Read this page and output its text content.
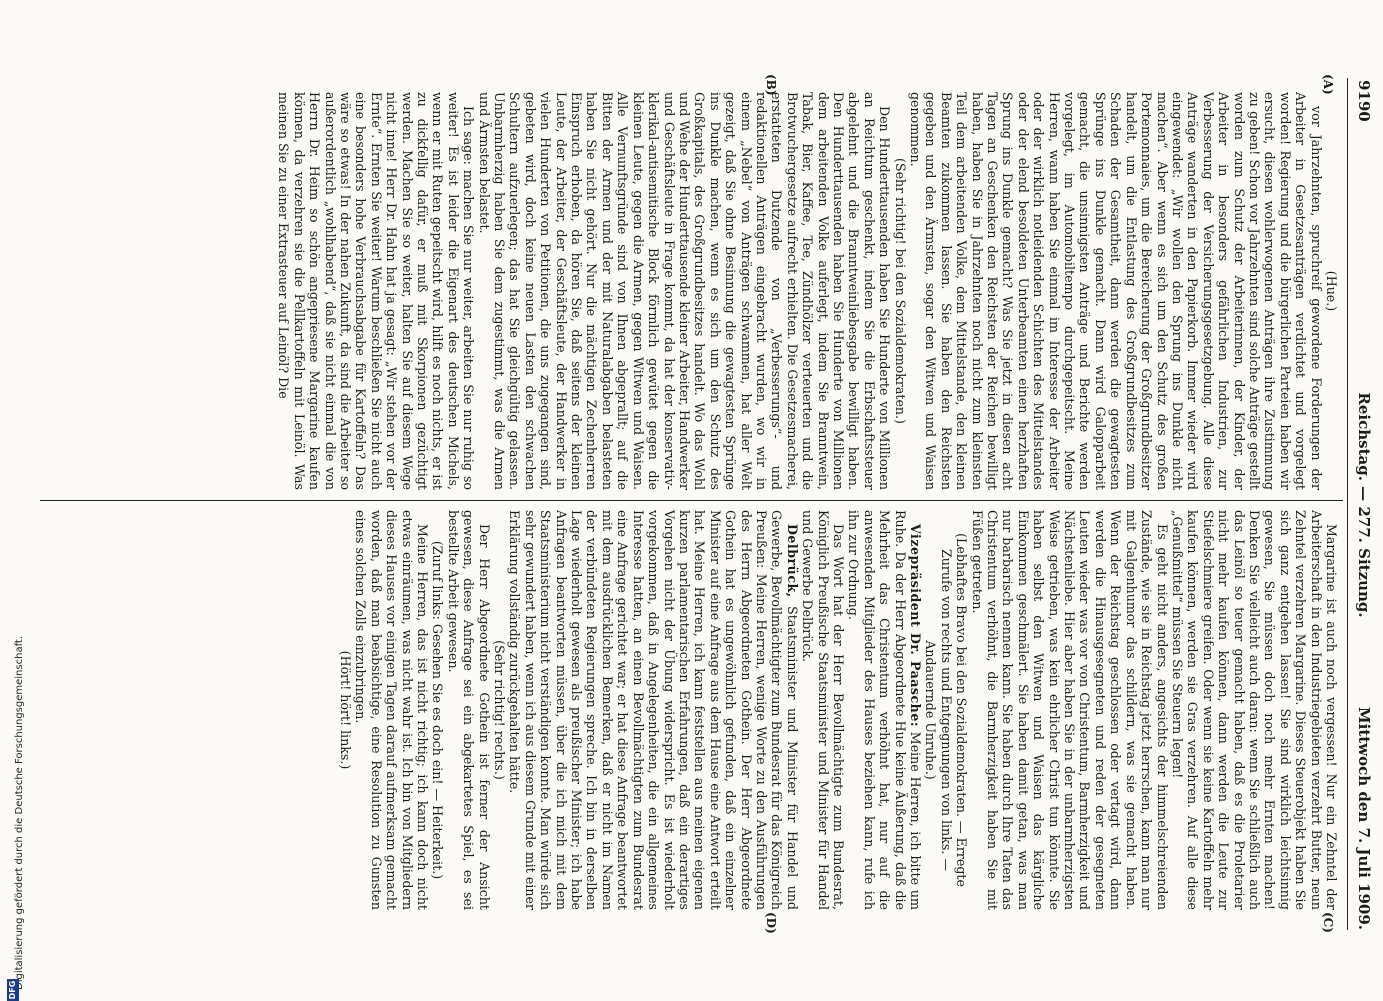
9190
Reichstag. — 277. Sitzung.
Mittwoch den 7. Juli 1909.
(A)
(B)
(C)
(D)

(Hue.)

vor Jahrzehnten, spruchreif gewordene Forderungen der Arbeiter in Gesetzesanträgen verdichtet und vorgelegt worden! Regierung und die bürgerlichen Parteien haben wir ersucht, diesen wohlerwogenen Anträgen ihre Zustimmung zu geben! Schon vor Jahrzehnten sind solche Anträge gestellt worden zum Schutz der Arbeiterinnen, der Kinder, der Arbeiter in besonders gefährlichen Industrien, zur Verbesserung der Versicherungsgesetzgebung. Alle diese Anträge wanderten in den Papierkorb. Immer wieder wird eingewendet: „Wir wollen den Sprung ins Dunkle nicht machen“. Aber wenn es sich um den Schutz des großen Portemonnaies, um die Bereicherung der Großgrundbesitzer handelt, um die Entlastung des Großgrundbesitzes zum Schaden der Gesamtheit, dann werden die gewagtesten Sprünge ins Dunkle gemacht. Dann wird Galopparbeit gemacht, die unsinnigsten Anträge und Berichte werden vorgelegt, im Automobiltempo durchgepeitscht. Meine Herren, wann haben Sie einmal im Interesse der Arbeiter oder der wirklich notleidenden Schichten des Mittelstandes oder der elend besoldeten Unterbeamten einen herzhaften Sprung ins Dunkle gemacht? Was Sie jetzt in diesen acht Tagen an Geschenken den Reichsten der Reichen bewilligt haben, haben Sie in Jahrzehnten noch nicht zum kleinsten Teil dem arbeitenden Volke, dem Mittelstande, den kleinen Beamten zukommen lassen. Sie haben den Reichsten gegeben und den Ärmsten, sogar den Witwen und Waisen genommen.

(Sehr richtig! bei den Sozialdemokraten.)

Den Hunderttausenden haben Sie Hunderte von Millionen an Reichtum geschenkt, indem Sie die Erbschaftssteuer abgelehnt und die Branntweinliebesgabe bewilligt haben. Den Hunderttausenden haben Sie Hunderte von Millionen dem arbeitenden Volke auferlegt, indem Sie Branntwein, Tabak, Bier, Kaffee, Tee, Zündhölzer verteuerten und die Brotwuchergesetze aufrecht erhielten. Die Gesetzesmacherei, erstatteten Dutzende von „Verbesserungs“- und redaktionellen Anträgen eingebracht wurden, wo wir in einem „Nebel“ von Anträgen schwammen, hat aller Welt gezeigt, daß Sie ohne Besinnung die gewagtesten Sprünge ins Dunkle machen, wenn es sich um den Schutz des Großkapitals, des Großgrundbesitzes handelt. Wo das Wohl und Wehe der Hunderttausende kleiner Arbeiter, Handwerker und Geschäftsleute in Frage kommt, da hat der konservativ-klerikal-antisemitische Block förmlich gewütet gegen die kleinen Leute, gegen die Armen, gegen Witwen und Waisen. Alle Vernunftsgründe sind von Ihnen abgeprallt; auf die Bitten der Armen und der mit Naturalabgaben belasteten haben Sie nicht gehört. Nur die mächtigen Zechenherren Einspruch erhoben, da hören Sie, daß seitens der kleinen Leute, der Arbeiter, der Geschäftsleute, der Handwerker in vielen Hunderten von Petitionen, die uns zugegangen sind, gebeten wird, doch keine neuen Lasten den schwachen Schultern aufzuerlegen; das hat Sie gleichgültig gelassen. Unbarmherzig haben Sie dem zugestimmt, was die Armen und Ärmsten belastet.

Ich sage: machen Sie nur weiter, arbeiten Sie nur ruhig so weiter! Es ist leider die Eigenart des deutschen Michels, wenn er mit Ruten gepeitscht wird, hilft es noch nichts, er ist zu dickfellig dafür, er muß mit Skorpionen gezüchtigt werden. Machen Sie so weiter, halten Sie auf diesem Wege nicht inne! Herr Dr. Hahn hat ja gesagt: „Wir stehen vor der Ernte“. Ernten Sie weiter! Warum beschließen Sie nicht auch eine besonders hohe Verbrauchsabgabe für Kartoffeln? Das wäre so etwas! In der nahen Zukunft, da sind die Arbeiter so außerordentlich „wohlhabend“, daß sie nicht einmal die von Herrn Dr. Heim so schön angepriesene Margarine kaufen können, da verzehren sie die Pellkartoffeln mit Leinöl. Was meinen Sie zu einer Extrasteuer auf Leinöl? Die

Margarine ist auch noch vergessen! Nur ein Zehntel der Arbeiterschaft in den Industriegebieten verzehrt Butter, neun Zehntel verzehren Margarine. Dieses Steuerobjekt haben Sie sich ganz entgehen lassen! Sie sind wirklich leichtsinnig gewesen, Sie müssen doch noch mehr Ernten machen! Denken Sie vielleicht auch daran: wenn Sie schließlich auch das Leinöl so teuer gemacht haben, daß es die Proletarier nicht mehr kaufen können, dann werden die Leute zur Stiefelschmiere greifen. Oder wenn sie keine Kartoffeln mehr kaufen können, werden sie Gras verzehren. Auf alle diese „Genußmittel“ müssen Sie Steuern legen!

Es geht nicht anders, angesichts der himmelschreienden Zustände, wie sie in Reichstag jetzt herrschen, kann man nur mit Galgenhumor das schildern, was sie gemacht haben. Wenn der Reichstag geschlossen oder vertagt wird, dann werden die Hinausgesegneten und reden der gesegneten Leuten wieder was vor von Christentum, Barmherzigkeit und Nächstenliebe. Hier aber haben Sie in der unbarmherzigsten Weise getrieben, was kein ehrlicher Christ tun könnte. Sie haben selbst den Witwen und Waisen das kärgliche Einkommen geschmälert. Sie haben damit getan, was man nur barbarisch nennen kann. Sie haben durch Ihre Taten das Christentum verhöhnt, die Barmherzigkeit haben Sie mit Füßen getreten.

(Lebhaftes Bravo bei den Sozialdemokraten. — Erregte Zurufe von rechts und Entgegnungen von links. — Andauernde Unruhe.)

Vizepräsident Dr. Paasche: Meine Herren, ich bitte um Ruhe. Da der Herr Abgeordnete Hue keine Äußerung, daß die Mehrheit das Christentum verhöhnt hat, nur auf die anwesenden Mitglieder des Hauses beziehen kann, rufe ich ihn zur Ordnung.

Das Wort hat der Herr Bevollmächtigte zum Bundesrat, Königlich Preußische Staatsminister und Minister für Handel und Gewerbe Delbrück.

Delbrück, Staatsminister und Minister für Handel und Gewerbe, Bevollmächtigter zum Bundesrat für das Königreich Preußen: Meine Herren, wenige Worte zu den Ausführungen des Herrn Abgeordneten Gothein. Der Herr Abgeordnete Gothein hat es ungewöhnlich gefunden, daß ein einzelner Minister auf eine Anfrage aus dem Hause eine Antwort erteilt hat. Meine Herren, ich kann feststellen aus meinen eigenen kurzen parlamentarischen Erfahrungen, daß ein derartiges Vorgehen nicht der Übung widerspricht. Es ist wiederholt vorgekommen, daß in Angelegenheiten, die ein allgemeines Interesse hatten, an einen Bevollmächtigten zum Bundesrat eine Anfrage gerichtet war; er hat diese Anfrage beantwortet mit dem ausdrücklichen Bemerken, daß er nicht im Namen der verbündeten Regierungen spreche. Ich bin in derselben Lage wiederholt gewesen als preußischer Minister; ich habe Anfragen beantworten müssen, über die ich mich mit dem Staatsministerium nicht verständigen konnte. Man würde sich sehr gewundert haben, wenn ich aus diesem Grunde mit einer Erklärung vollständig zurückgehalten hätte.

(Sehr richtig! rechts.)

Der Herr Abgeordnete Gothein ist ferner der Ansicht gewesen, diese Anfrage sei ein abgekartetes Spiel, es sei bestellte Arbeit gewesen.

(Zuruf links: Gesehen Sie es doch ein! — Heiterkeit.)

Meine Herren, das ist nicht richtig; ich kann doch nicht etwas einräumen, was nicht wahr ist. Ich bin von Mitgliedern dieses Hauses vor einigen Tagen darauf aufmerksam gemacht worden, daß man beabsichtige, eine Resolution zu Gunsten eines solchen Zolls einzubringen.

(Hört! hört! links.)

Digitalisierung gefördert durch die Deutsche Forschungsgemeinschaft.
DFG
